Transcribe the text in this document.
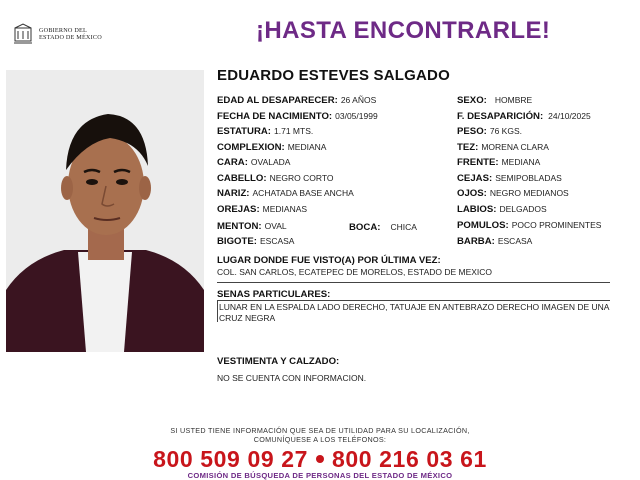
GOBIERNO DEL
ESTADO DE MÉXICO	¡HASTA ENCONTRARLE!
EDUARDO ESTEVES SALGADO
EDAD AL DESAPARECER: 26 AÑOS
FECHA DE NACIMIENTO: 03/05/1999
ESTATURA: 1.71 MTS.
COMPLEXION: MEDIANA
CARA: OVALADA
CABELLO: NEGRO CORTO
NARIZ: ACHATADA BASE ANCHA
OREJAS: MEDIANAS
MENTON: OVAL	BOCA: CHICA
BIGOTE: ESCASA
SEXO: HOMBRE
F. DESAPARICIÓN: 24/10/2025
PESO: 76 KGS.
TEZ: MORENA CLARA
FRENTE: MEDIANA
CEJAS: SEMIPOBLADAS
OJOS: NEGRO MEDIANOS
LABIOS: DELGADOS
POMULOS: POCO PROMINENTES
BARBA: ESCASA
LUGAR DONDE FUE VISTO(A) POR ÚLTIMA VEZ:
COL. SAN CARLOS, ECATEPEC DE MORELOS, ESTADO DE MEXICO
SENAS PARTICULARES:
LUNAR EN LA ESPALDA LADO DERECHO, TATUAJE EN ANTEBRAZO DERECHO IMAGEN DE UNA CRUZ NEGRA
VESTIMENTA Y CALZADO:
NO SE CUENTA CON INFORMACION.
SI USTED TIENE INFORMACIÓN QUE SEA DE UTILIDAD PARA SU LOCALIZACIÓN,
COMUNÍQUESE A LOS TELÉFONOS:
800 509 09 27 800 216 03 61
COMISIÓN DE BÚSQUEDA DE PERSONAS DEL ESTADO DE MÉXICO
